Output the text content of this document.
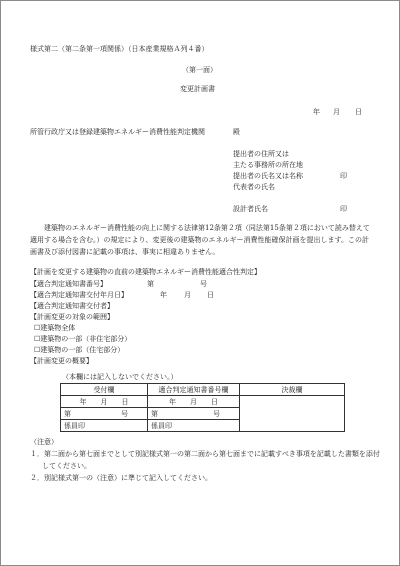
様式第二（第二条第一項関係）（日本産業規格Ａ列４番）
（第一面）
変更計画書
年 月 日
所管行政庁又は登録建築物エネルギー消費性能判定機関	殿
提出者の住所又は
主たる事務所の所在地
提出者の氏名又は名称	印
代表者の氏名
設計者氏名	印
建築物のエネルギー消費性能の向上に関する法律第12条第２項（同法第15条第２項において読み替えて適用する場合を含む。）の規定により、変更後の建築物のエネルギー消費性能確保計画を提出します。この計画書及び添付図書に記載の事項は、事実に相違ありません。
【計画を変更する建築物の直前の建築物エネルギー消費性能適合性判定】
【適合判定通知書番号】	第	号
【適合判定通知書交付年月日】	年 月 日
【適合判定通知書交付者】
【計画変更の対象の範囲】
☐建築物全体
☐建築物の一部（非住宅部分）
☐建築物の一部（住宅部分）
【計画変更の概要】
（本欄には記入しないでください。）
受付欄	適合判定通知書番号欄	決裁欄
年 月 日	年 月 日	
第 号	第 号	
係員印	係員印	
（注意）
１．第二面から第七面までとして別記様式第一の第二面から第七面までに記載すべき事項を記載した書類を添付してください。
２．別記様式第一の（注意）に準じて記入してください。
